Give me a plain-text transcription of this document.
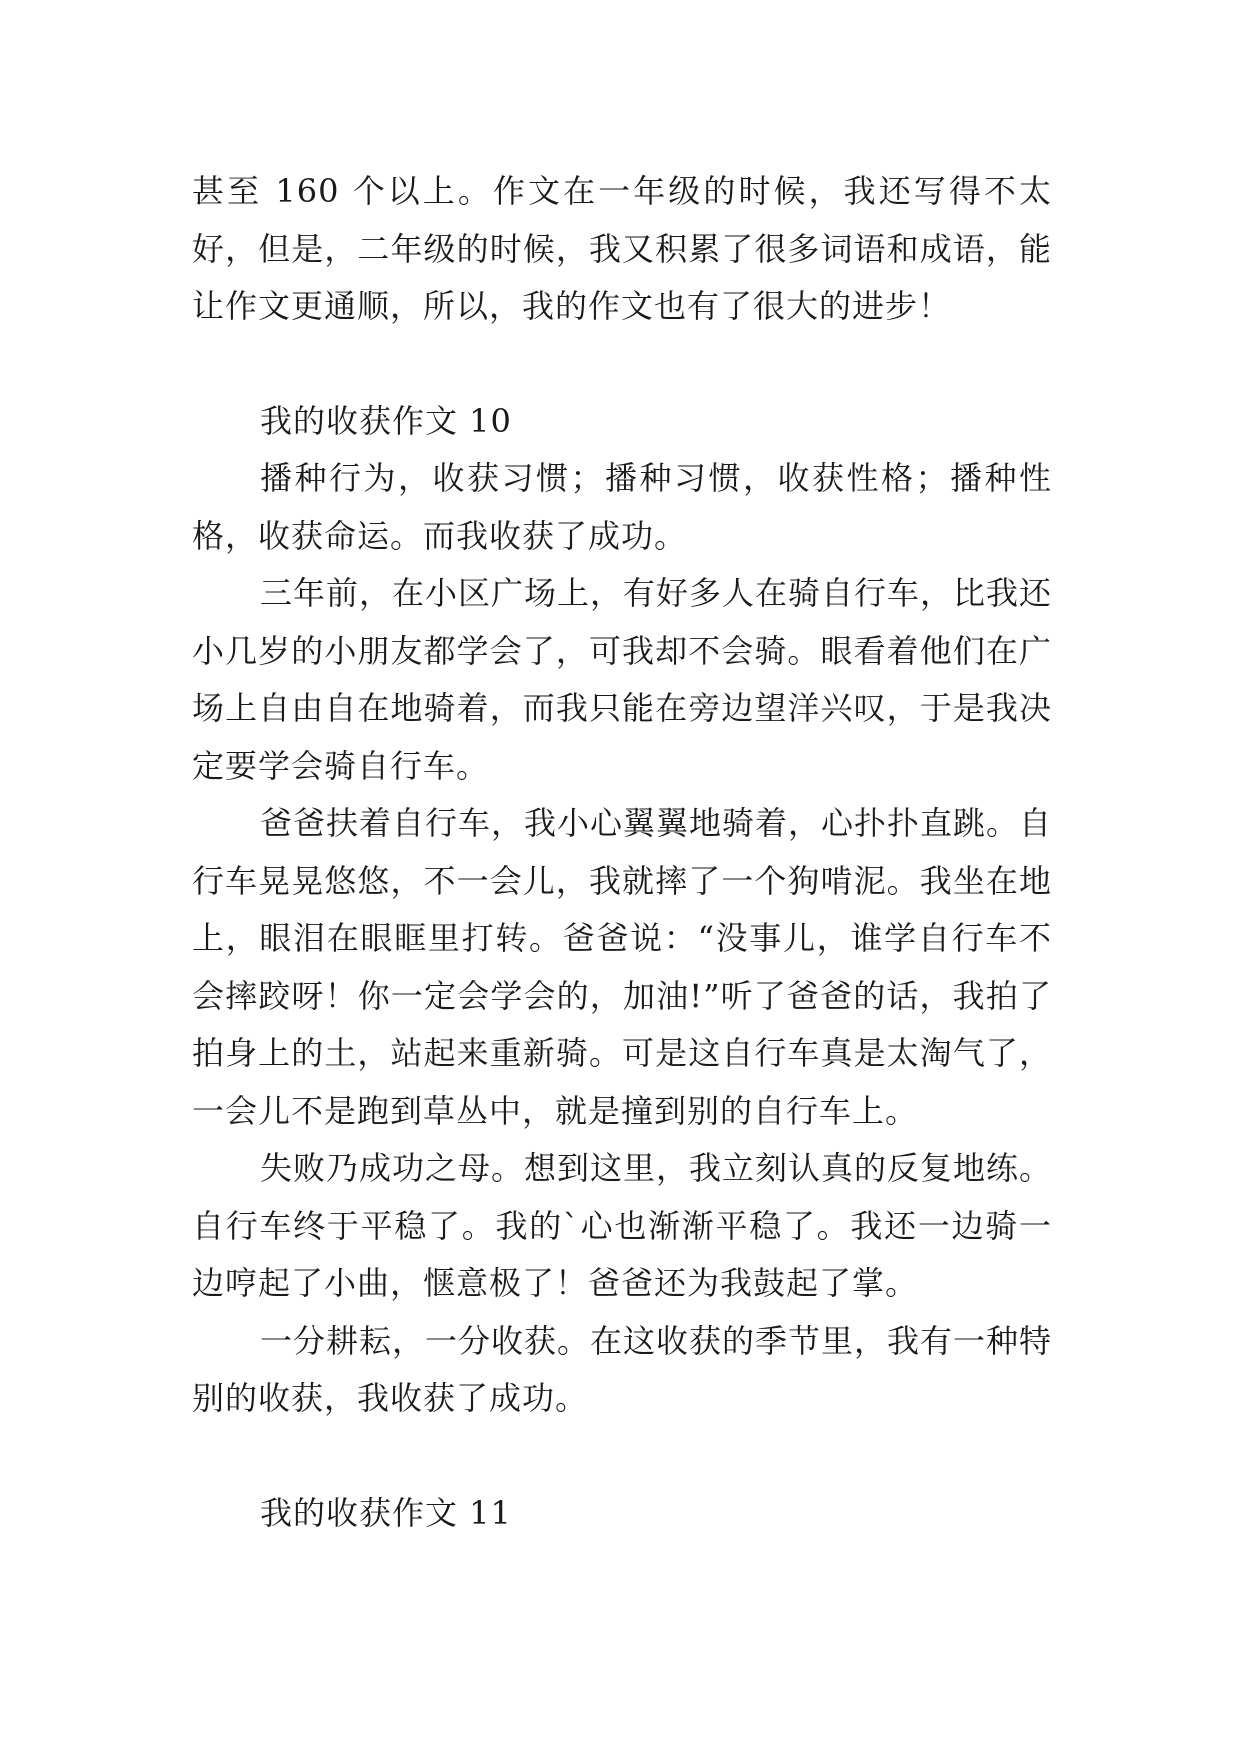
甚至 160 个以上。作文在一年级的时候，我还写得不太好，但是，二年级的时候，我又积累了很多词语和成语，能让作文更通顺，所以，我的作文也有了很大的进步！

我的收获作文 10

播种行为，收获习惯；播种习惯，收获性格；播种性格，收获命运。而我收获了成功。

三年前，在小区广场上，有好多人在骑自行车，比我还小几岁的小朋友都学会了，可我却不会骑。眼看着他们在广场上自由自在地骑着，而我只能在旁边望洋兴叹，于是我决定要学会骑自行车。

爸爸扶着自行车，我小心翼翼地骑着，心扑扑直跳。自行车晃晃悠悠，不一会儿，我就摔了一个狗啃泥。我坐在地上，眼泪在眼眶里打转。爸爸说：“没事儿，谁学自行车不会摔跤呀！你一定会学会的，加油!”听了爸爸的话，我拍了拍身上的土，站起来重新骑。可是这自行车真是太淘气了，一会儿不是跑到草丛中，就是撞到别的自行车上。

失败乃成功之母。想到这里，我立刻认真的反复地练。自行车终于平稳了。我的`心也渐渐平稳了。我还一边骑一边哼起了小曲，惬意极了！爸爸还为我鼓起了掌。

一分耕耘，一分收获。在这收获的季节里，我有一种特别的收获，我收获了成功。

我的收获作文 11
